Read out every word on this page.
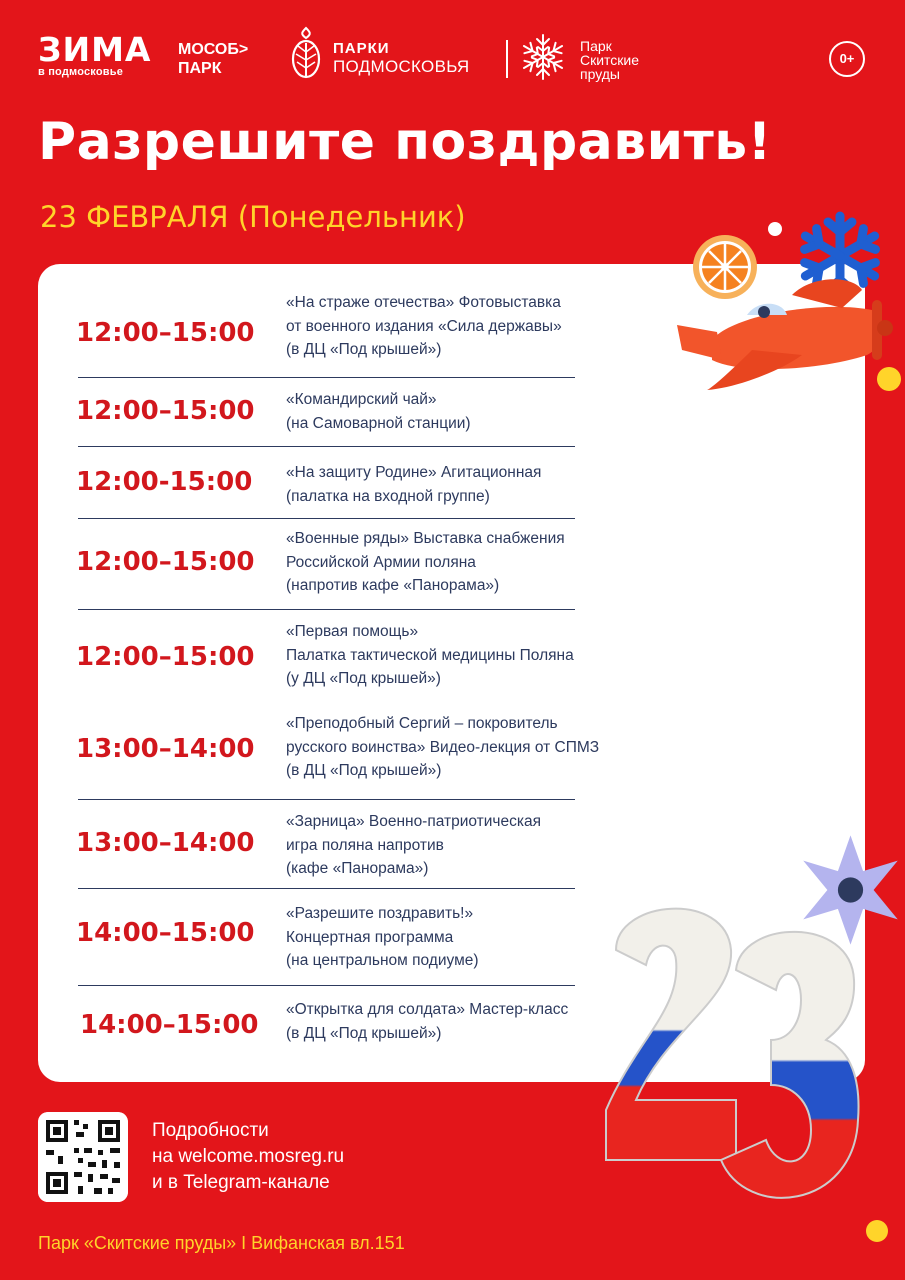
ЗИМА
в подмосковье
МОСОБ>
ПАРК
ПАРКИ
ПОДМОСКОВЬЯ
Парк
Скитские
пруды
0+
Разрешите поздравить!
23 ФЕВРАЛЯ (Понедельник)
12:00–15:00
«На страже отечества» Фотовыставка
от военного издания «Сила державы»
(в ДЦ «Под крышей»)
12:00–15:00 «Командирский чай»
(на Самоварной станции)
12:00-15:00 «На защиту Родине» Агитационная
(палатка на входной группе)
12:00–15:00
«Военные ряды» Выставка снабжения
Российской Армии поляна
(напротив кафе «Панорама»)
12:00–15:00
«Первая помощь»
Палатка тактической медицины Поляна
(у ДЦ «Под крышей»)
13:00–14:00
«Преподобный Сергий – покровитель
русского воинства» Видео-лекция от СПМЗ
(в ДЦ «Под крышей»)
13:00–14:00
«Зарница» Военно-патриотическая
игра поляна напротив
(кафе «Панорама»)
14:00–15:00
«Разрешите поздравить!»
Концертная программа
(на центральном подиуме)
14:00–15:00
«Открытка для солдата» Мастер-класс
(в ДЦ «Под крышей»)
Подробности
на welcome.mosreg.ru
и в Telegram-канале
Парк «Скитские пруды» I Вифанская вл.151
